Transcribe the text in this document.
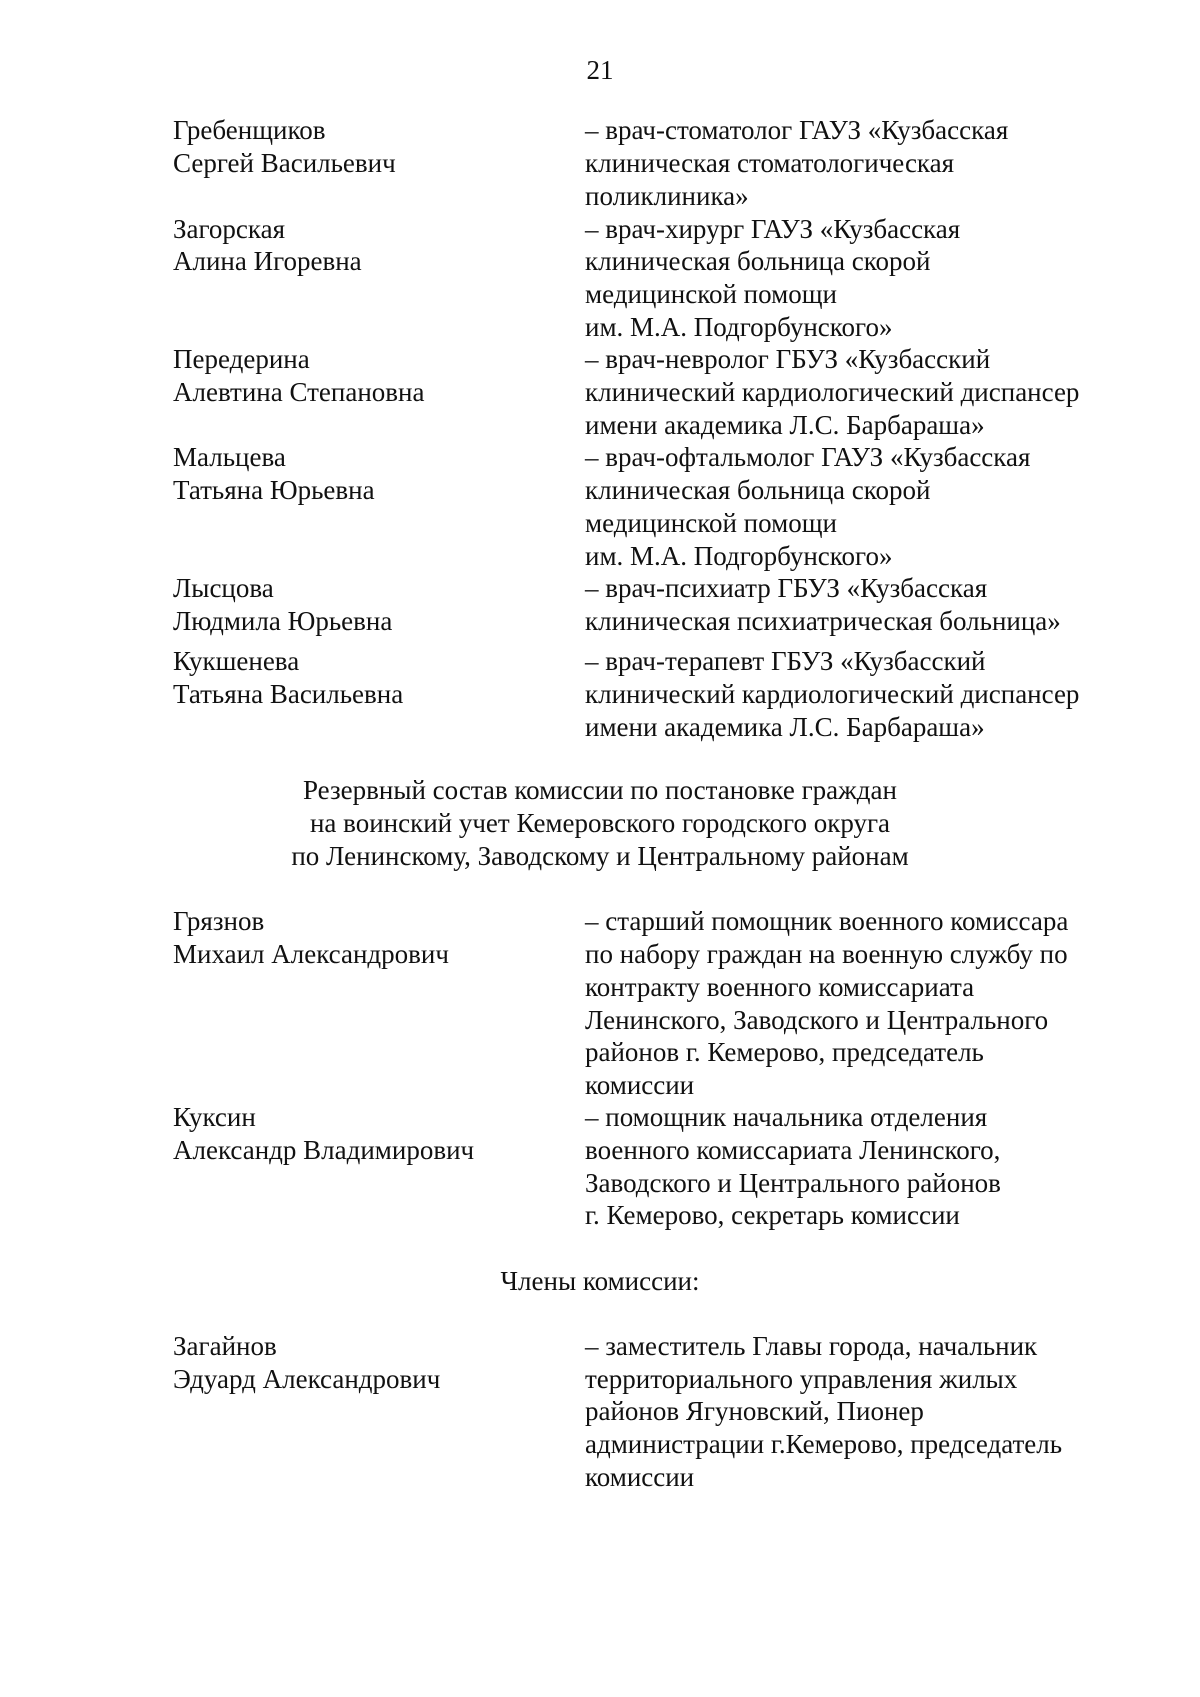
21
Гребенщиков
Сергей Васильевич
– врач-стоматолог ГАУЗ «Кузбасская
клиническая стоматологическая
поликлиника»
Загорская
Алина Игоревна
– врач-хирург ГАУЗ «Кузбасская
клиническая больница скорой
медицинской помощи
им. М.А. Подгорбунского»
Передерина
Алевтина Степановна
– врач-невролог ГБУЗ «Кузбасский
клинический кардиологический диспансер
имени академика Л.С. Барбараша»
Мальцева
Татьяна Юрьевна
– врач-офтальмолог ГАУЗ «Кузбасская
клиническая больница скорой
медицинской помощи
им. М.А. Подгорбунского»
Лысцова
Людмила Юрьевна
– врач-психиатр ГБУЗ «Кузбасская
клиническая психиатрическая больница»
Кукшенева
Татьяна Васильевна
– врач-терапевт ГБУЗ «Кузбасский
клинический кардиологический диспансер
имени академика Л.С. Барбараша»
Резервный состав комиссии по постановке граждан
на воинский учет Кемеровского городского округа
по Ленинскому, Заводскому и Центральному районам
Грязнов
Михаил Александрович
– старший помощник военного комиссара
по набору граждан на военную службу по
контракту военного комиссариата
Ленинского, Заводского и Центрального
районов г. Кемерово, председатель
комиссии
Куксин
Александр Владимирович
– помощник начальника отделения
военного комиссариата Ленинского,
Заводского и Центрального районов
г. Кемерово, секретарь комиссии
Члены комиссии:
Загайнов
Эдуард Александрович
– заместитель Главы города, начальник
территориального управления жилых
районов Ягуновский, Пионер
администрации г.Кемерово, председатель
комиссии
